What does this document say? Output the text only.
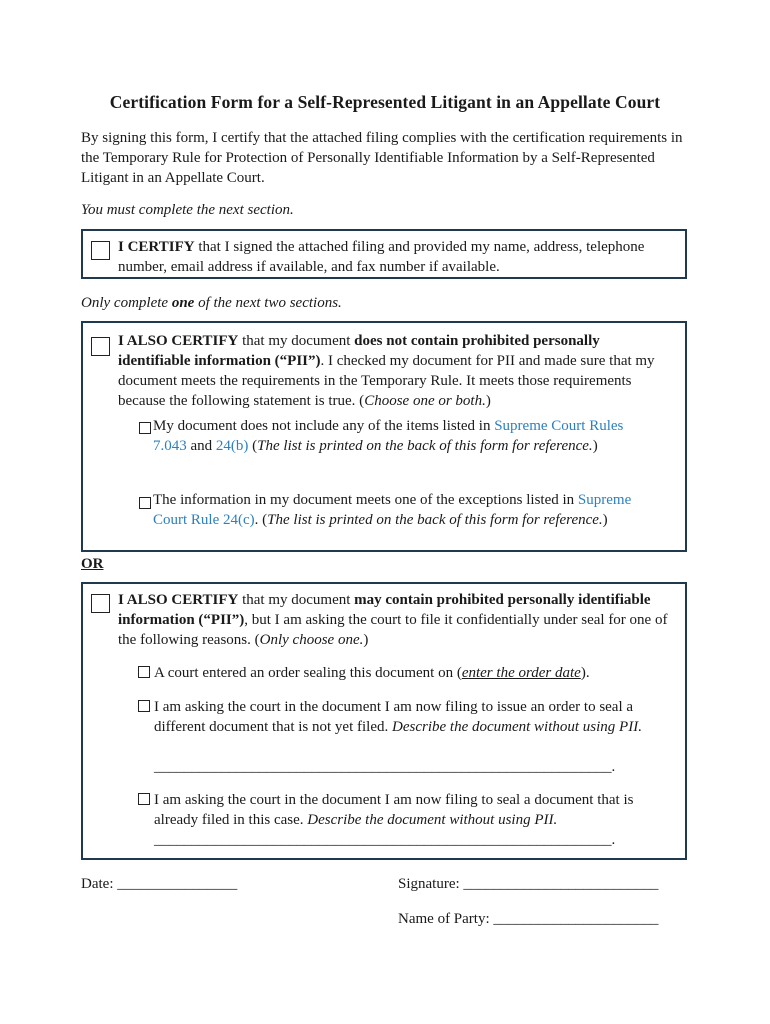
Certification Form for a Self-Represented Litigant in an Appellate Court
By signing this form, I certify that the attached filing complies with the certification requirements in the Temporary Rule for Protection of Personally Identifiable Information by a Self-Represented Litigant in an Appellate Court.
You must complete the next section.
I CERTIFY that I signed the attached filing and provided my name, address, telephone number, email address if available, and fax number if available.
Only complete one of the next two sections.
I ALSO CERTIFY that my document does not contain prohibited personally identifiable information (“PII”). I checked my document for PII and made sure that my document meets the requirements in the Temporary Rule. It meets those requirements because the following statement is true. (Choose one or both.)
My document does not include any of the items listed in Supreme Court Rules 7.043 and 24(b) (The list is printed on the back of this form for reference.)
The information in my document meets one of the exceptions listed in Supreme Court Rule 24(c). (The list is printed on the back of this form for reference.)
OR
I ALSO CERTIFY that my document may contain prohibited personally identifiable information (“PII”), but I am asking the court to file it confidentially under seal for one of the following reasons. (Only choose one.)
A court entered an order sealing this document on (enter the order date).
I am asking the court in the document I am now filing to issue an order to seal a different document that is not yet filed. Describe the document without using PII.
_____________________________________________________________.
I am asking the court in the document I am now filing to seal a document that is already filed in this case. Describe the document without using PII.
_____________________________________________________________.
Date: ________________	Signature: __________________________
Name of Party: ______________________
